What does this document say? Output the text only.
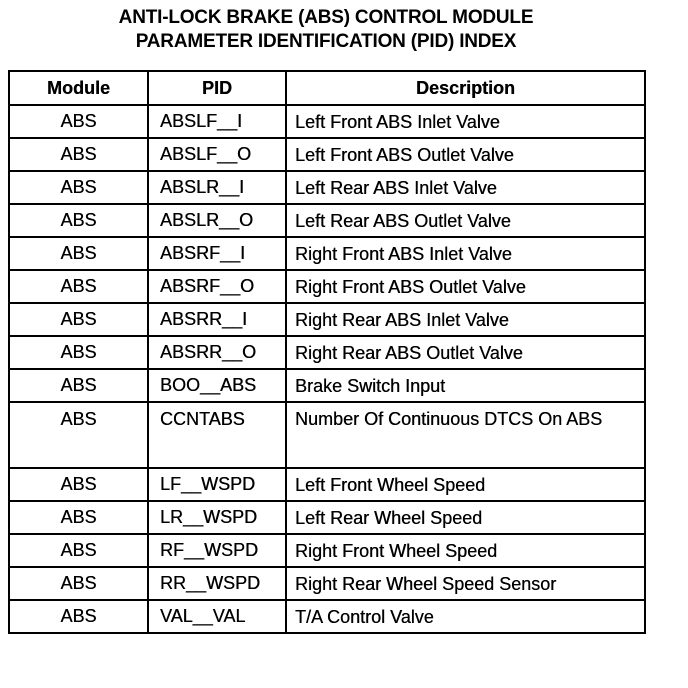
ANTI-LOCK BRAKE (ABS) CONTROL MODULE
PARAMETER IDENTIFICATION (PID) INDEX
Module	PID	Description
ABS	ABSLF__I	Left Front ABS Inlet Valve
ABS	ABSLF__O	Left Front ABS Outlet Valve
ABS	ABSLR__I	Left Rear ABS Inlet Valve
ABS	ABSLR__O	Left Rear ABS Outlet Valve
ABS	ABSRF__I	Right Front ABS Inlet Valve
ABS	ABSRF__O	Right Front ABS Outlet Valve
ABS	ABSRR__I	Right Rear ABS Inlet Valve
ABS	ABSRR__O	Right Rear ABS Outlet Valve
ABS	BOO__ABS	Brake Switch Input
ABS	CCNTABS	Number Of Continuous DTCS On ABS
ABS	LF__WSPD	Left Front Wheel Speed
ABS	LR__WSPD	Left Rear Wheel Speed
ABS	RF__WSPD	Right Front Wheel Speed
ABS	RR__WSPD	Right Rear Wheel Speed Sensor
ABS	VAL__VAL	T/A Control Valve
